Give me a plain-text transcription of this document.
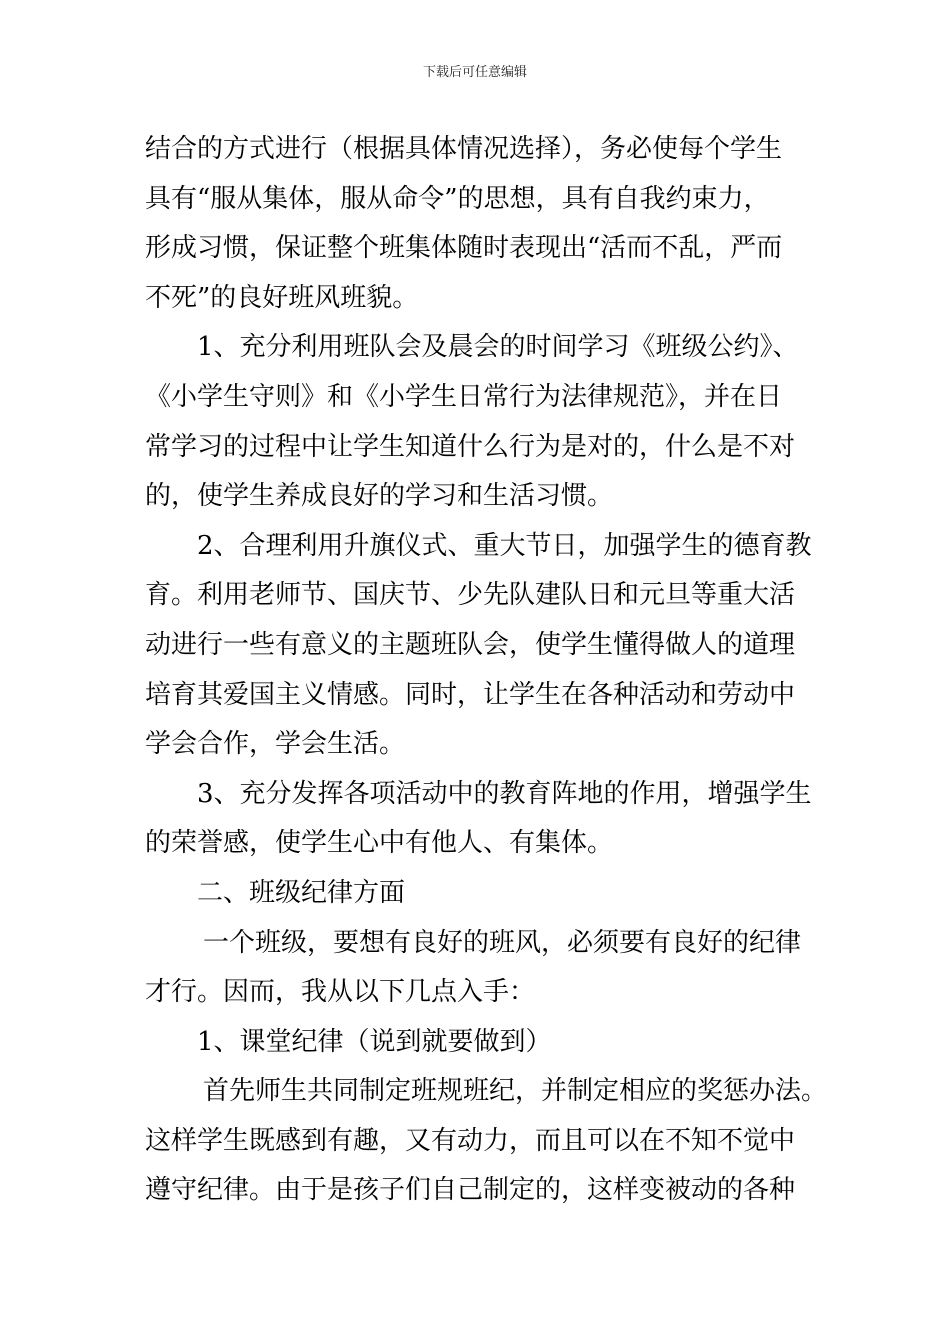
下载后可任意编辑
结合的方式进行（根据具体情况选择），务必使每个学生
具有“服从集体，服从命令”的思想，具有自我约束力，
形成习惯，保证整个班集体随时表现出“活而不乱，严而
不死”的良好班风班貌。
1、充分利用班队会及晨会的时间学习《班级公约》、
《小学生守则》和《小学生日常行为法律规范》，并在日
常学习的过程中让学生知道什么行为是对的，什么是不对
的，使学生养成良好的学习和生活习惯。
2、合理利用升旗仪式、重大节日，加强学生的德育教
育。利用老师节、国庆节、少先队建队日和元旦等重大活
动进行一些有意义的主题班队会，使学生懂得做人的道理
培育其爱国主义情感。同时，让学生在各种活动和劳动中
学会合作，学会生活。
3、充分发挥各项活动中的教育阵地的作用，增强学生
的荣誉感，使学生心中有他人、有集体。
二、班级纪律方面
一个班级，要想有良好的班风，必须要有良好的纪律
才行。因而，我从以下几点入手：
1、课堂纪律（说到就要做到）
首先师生共同制定班规班纪，并制定相应的奖惩办法。
这样学生既感到有趣，又有动力，而且可以在不知不觉中
遵守纪律。由于是孩子们自己制定的，这样变被动的各种
